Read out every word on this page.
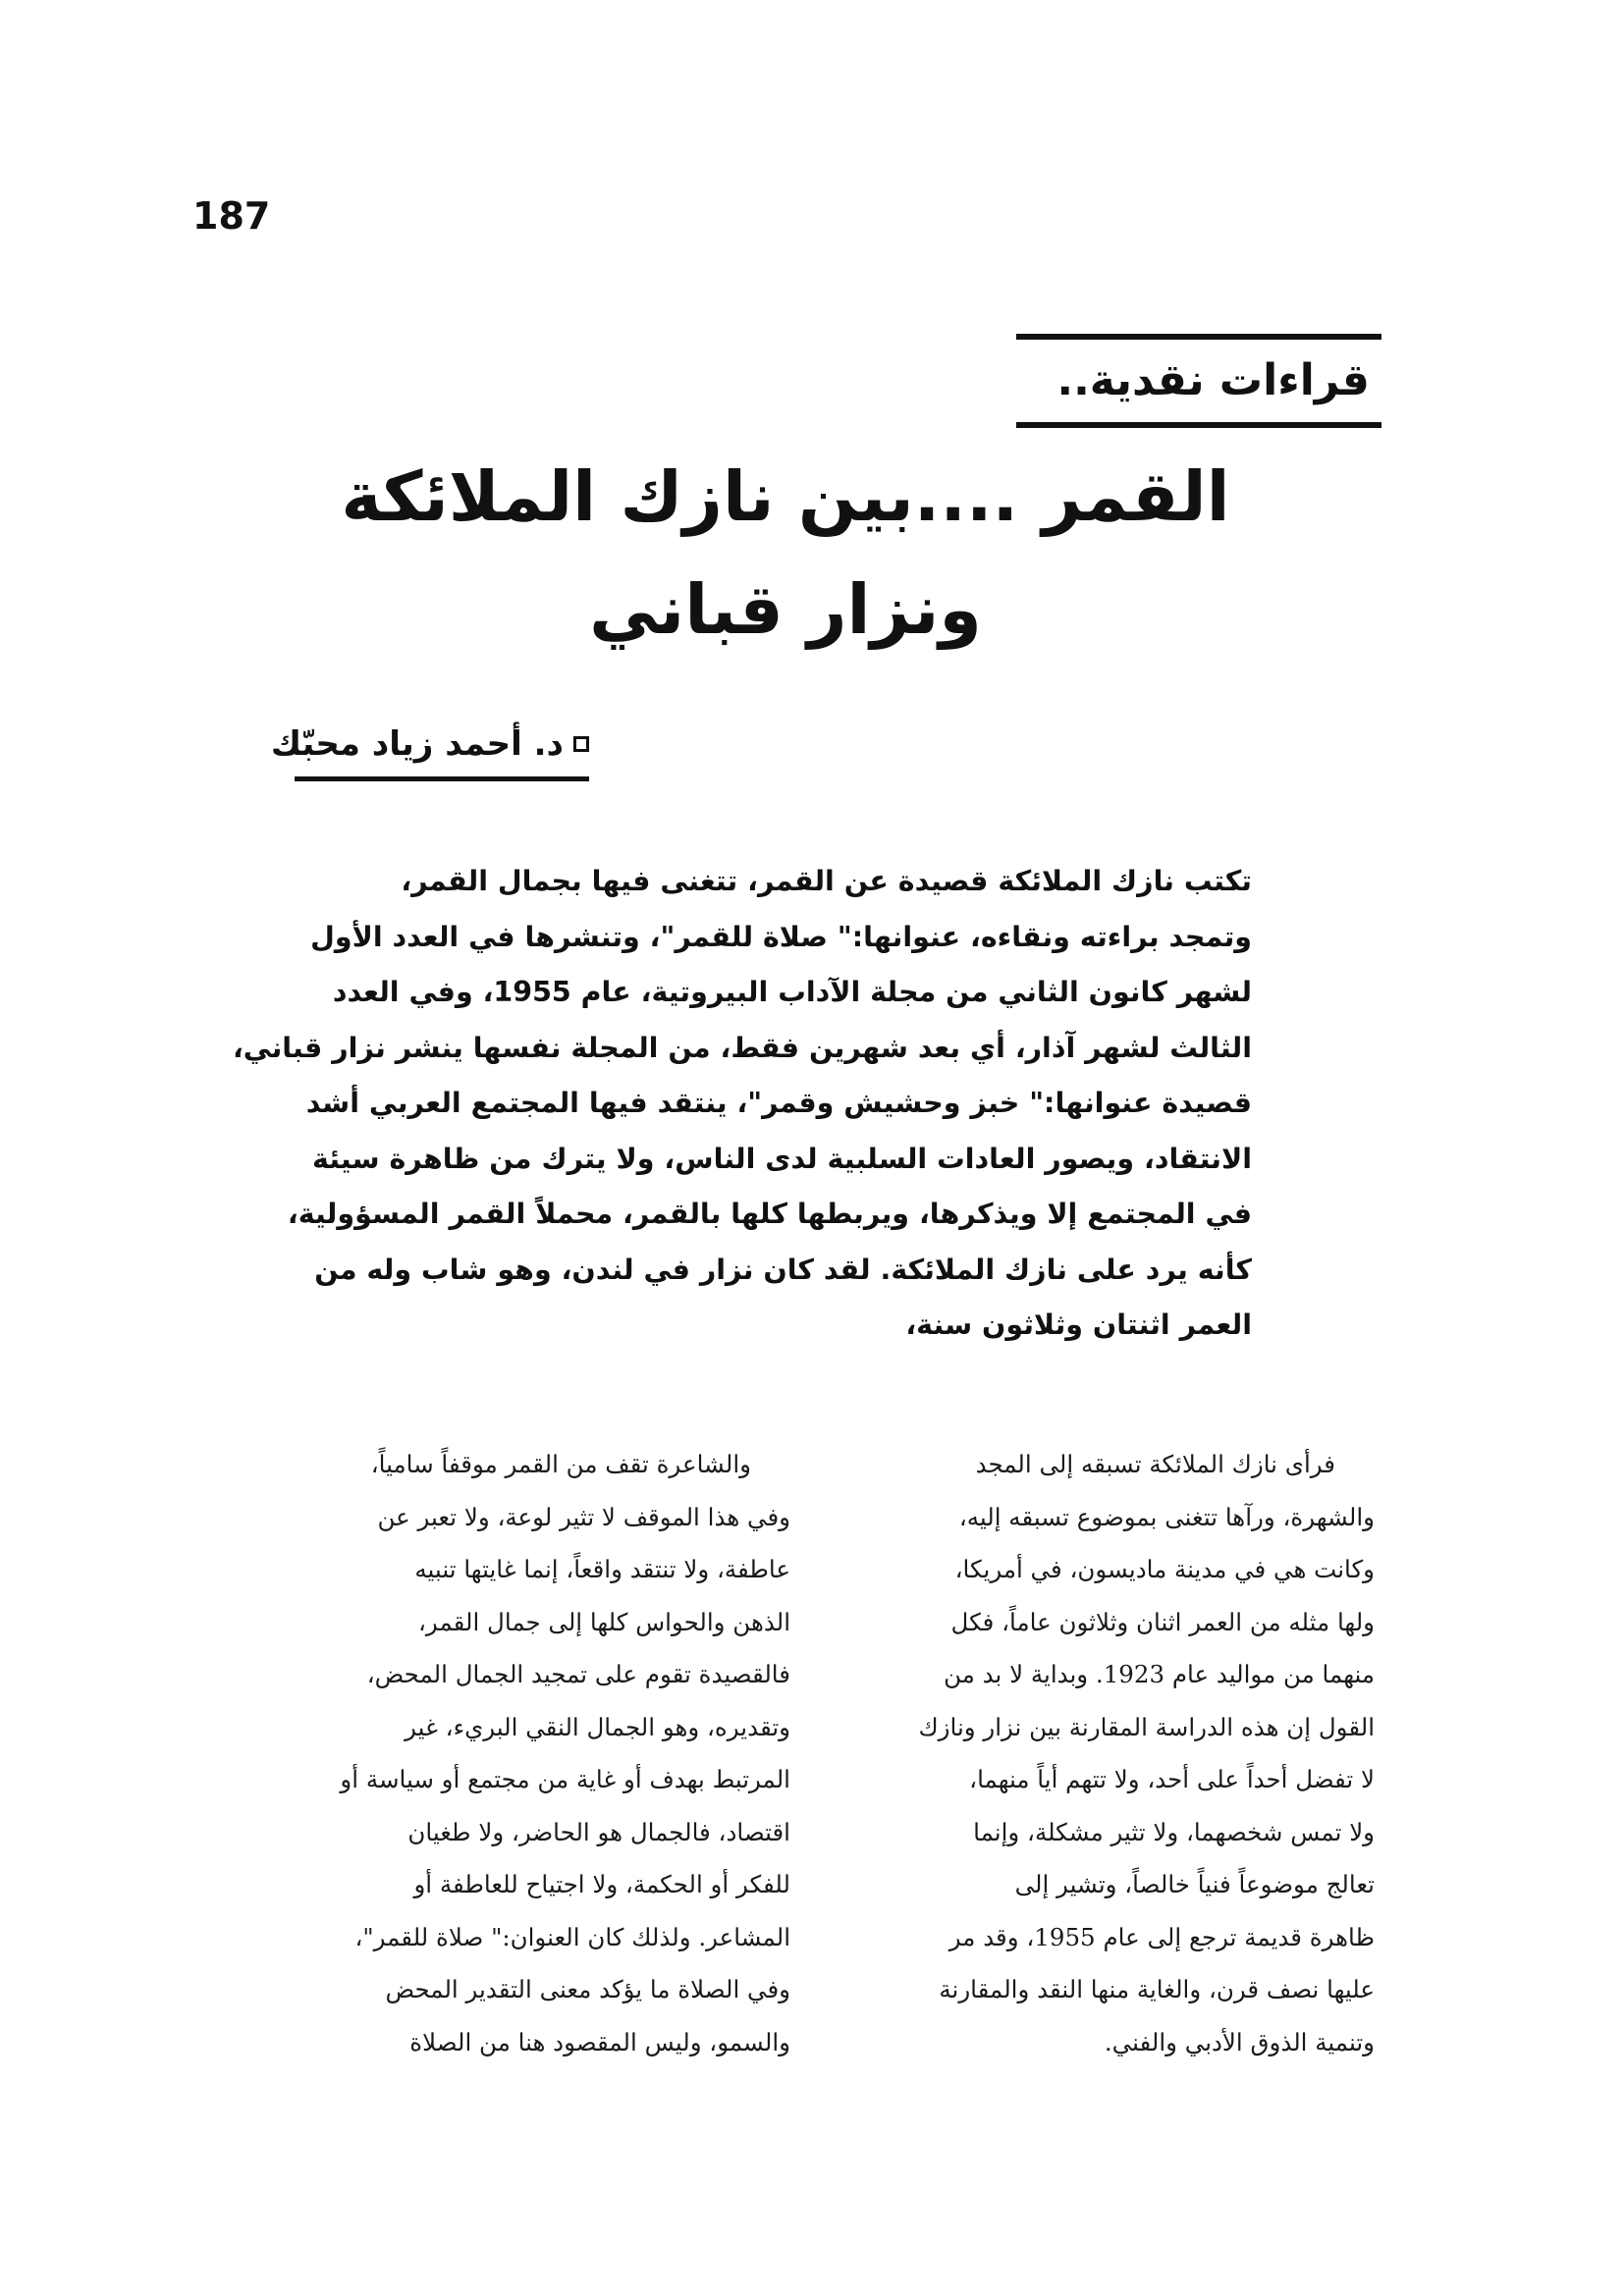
187
قراءات نقدية..
القمر ....بين نازك الملائكة
ونزار قباني
د. أحمد زياد محبّك
تكتب نازك الملائكة قصيدة عن القمر، تتغنى فيها بجمال القمر،
وتمجد براءته ونقاءه، عنوانها:" صلاة للقمر"، وتنشرها في العدد الأول
لشهر كانون الثاني من مجلة الآداب البيروتية، عام 1955، وفي العدد
الثالث لشهر آذار، أي بعد شهرين فقط، من المجلة نفسها ينشر نزار قباني،
قصيدة عنوانها:" خبز وحشيش وقمر"، ينتقد فيها المجتمع العربي أشد
الانتقاد، ويصور العادات السلبية لدى الناس، ولا يترك من ظاهرة سيئة
في المجتمع إلا ويذكرها، ويربطها كلها بالقمر، محملاً القمر المسؤولية،
كأنه يرد على نازك الملائكة. لقد كان نزار في لندن، وهو شاب وله من
العمر اثنتان وثلاثون سنة،
فرأى نازك الملائكة تسبقه إلى المجد
والشهرة، ورآها تتغنى بموضوع تسبقه إليه،
وكانت هي في مدينة ماديسون، في أمريكا،
ولها مثله من العمر اثنان وثلاثون عاماً، فكل
منهما من مواليد عام 1923. وبداية لا بد من
القول إن هذه الدراسة المقارنة بين نزار ونازك
لا تفضل أحداً على أحد، ولا تتهم أياً منهما،
ولا تمس شخصهما، ولا تثير مشكلة، وإنما
تعالج موضوعاً فنياً خالصاً، وتشير إلى
ظاهرة قديمة ترجع إلى عام 1955، وقد مر
عليها نصف قرن، والغاية منها النقد والمقارنة
وتنمية الذوق الأدبي والفني.
والشاعرة تقف من القمر موقفاً سامياً،
وفي هذا الموقف لا تثير لوعة، ولا تعبر عن
عاطفة، ولا تنتقد واقعاً، إنما غايتها تنبيه
الذهن والحواس كلها إلى جمال القمر،
فالقصيدة تقوم على تمجيد الجمال المحض،
وتقديره، وهو الجمال النقي البريء، غير
المرتبط بهدف أو غاية من مجتمع أو سياسة أو
اقتصاد، فالجمال هو الحاضر، ولا طغيان
للفكر أو الحكمة، ولا اجتياح للعاطفة أو
المشاعر. ولذلك كان العنوان:" صلاة للقمر"،
وفي الصلاة ما يؤكد معنى التقدير المحض
والسمو، وليس المقصود هنا من الصلاة
